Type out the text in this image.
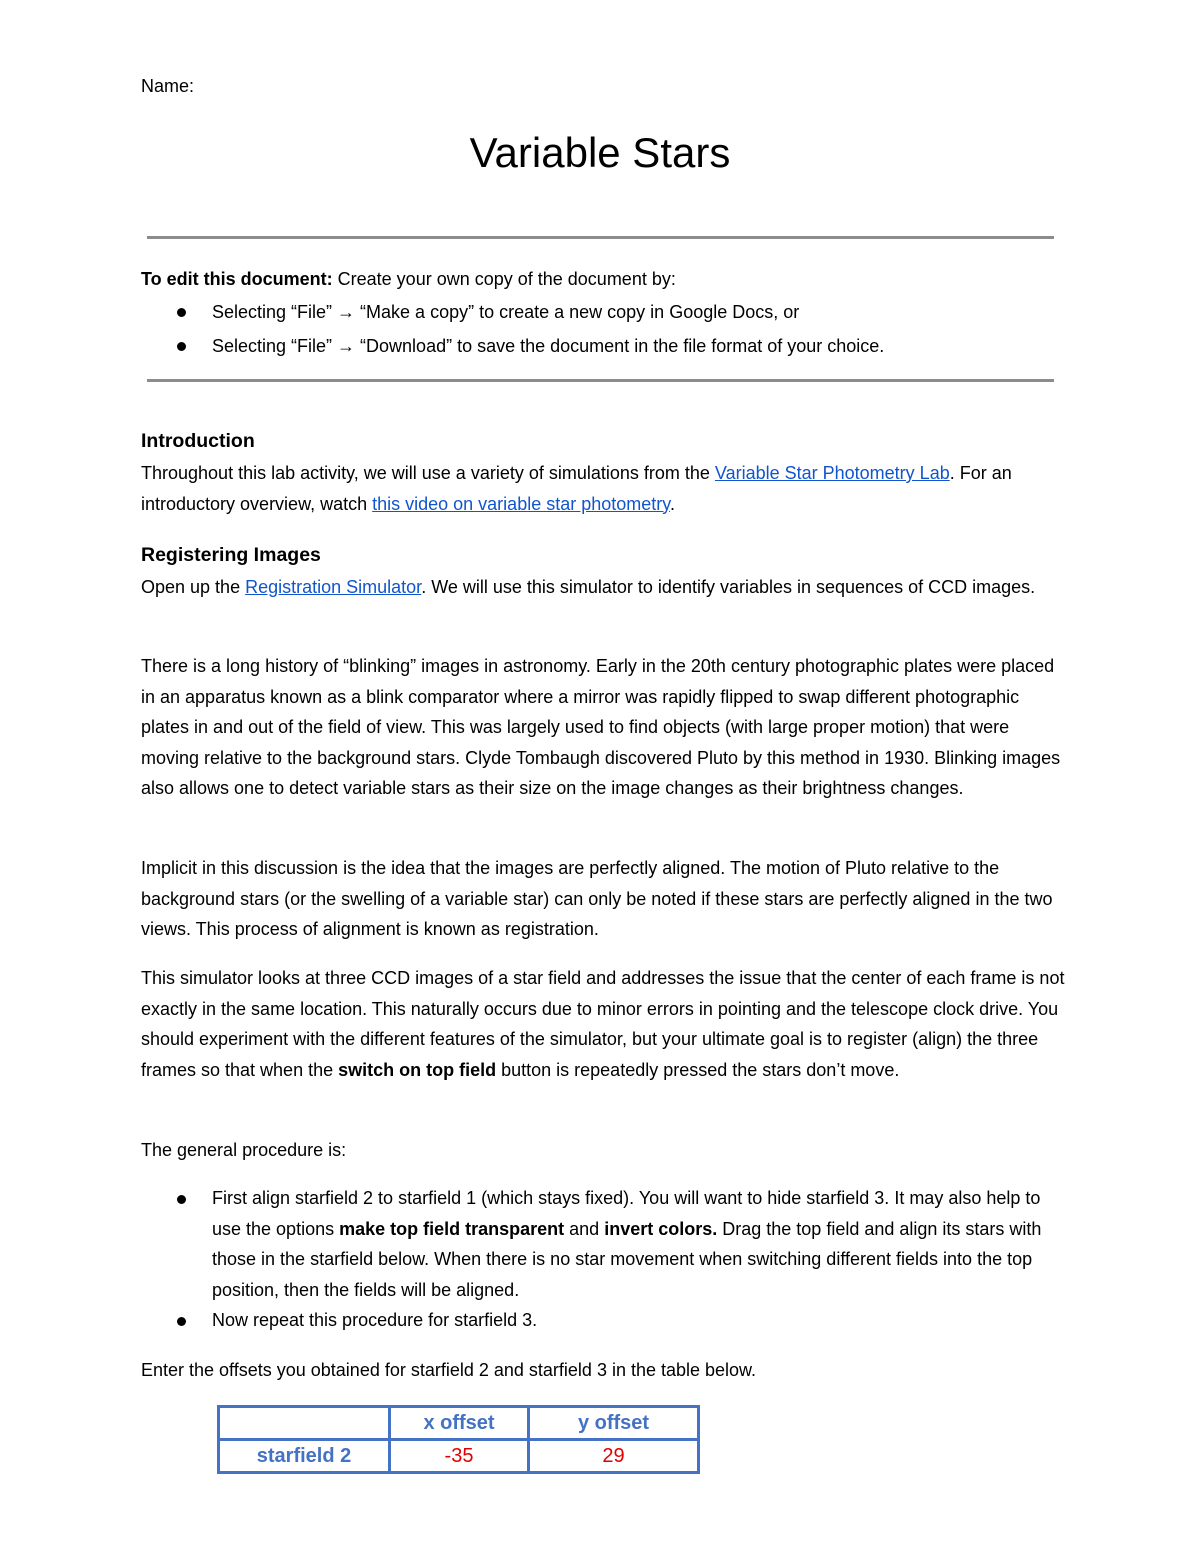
Name:
Variable Stars

To edit this document: Create your own copy of the document by:

Selecting “File” → “Make a copy” to create a new copy in Google Docs, or
Selecting “File” → “Download” to save the document in the file format of your choice.
Introduction

Throughout this lab activity, we will use a variety of simulations from the Variable Star Photometry Lab. For an introductory overview, watch this video on variable star photometry.

Registering Images

Open up the Registration Simulator. We will use this simulator to identify variables in sequences of CCD images.

There is a long history of “blinking” images in astronomy. Early in the 20th century photographic plates were placed in an apparatus known as a blink comparator where a mirror was rapidly flipped to swap different photographic plates in and out of the field of view. This was largely used to find objects (with large proper motion) that were moving relative to the background stars. Clyde Tombaugh discovered Pluto by this method in 1930. Blinking images also allows one to detect variable stars as their size on the image changes as their brightness changes.

Implicit in this discussion is the idea that the images are perfectly aligned. The motion of Pluto relative to the background stars (or the swelling of a variable star) can only be noted if these stars are perfectly aligned in the two views. This process of alignment is known as registration.

This simulator looks at three CCD images of a star field and addresses the issue that the center of each frame is not exactly in the same location. This naturally occurs due to minor errors in pointing and the telescope clock drive. You should experiment with the different features of the simulator, but your ultimate goal is to register (align) the three frames so that when the switch on top field button is repeatedly pressed the stars don’t move.

The general procedure is:

First align starfield 2 to starfield 1 (which stays fixed). You will want to hide starfield 3. It may also help to use the options make top field transparent and invert colors. Drag the top field and align its stars with those in the starfield below. When there is no star movement when switching different fields into the top position, then the fields will be aligned.
Now repeat this procedure for starfield 3.

Enter the offsets you obtained for starfield 2 and starfield 3 in the table below.

	x offset	y offset
starfield 2	-35	29
